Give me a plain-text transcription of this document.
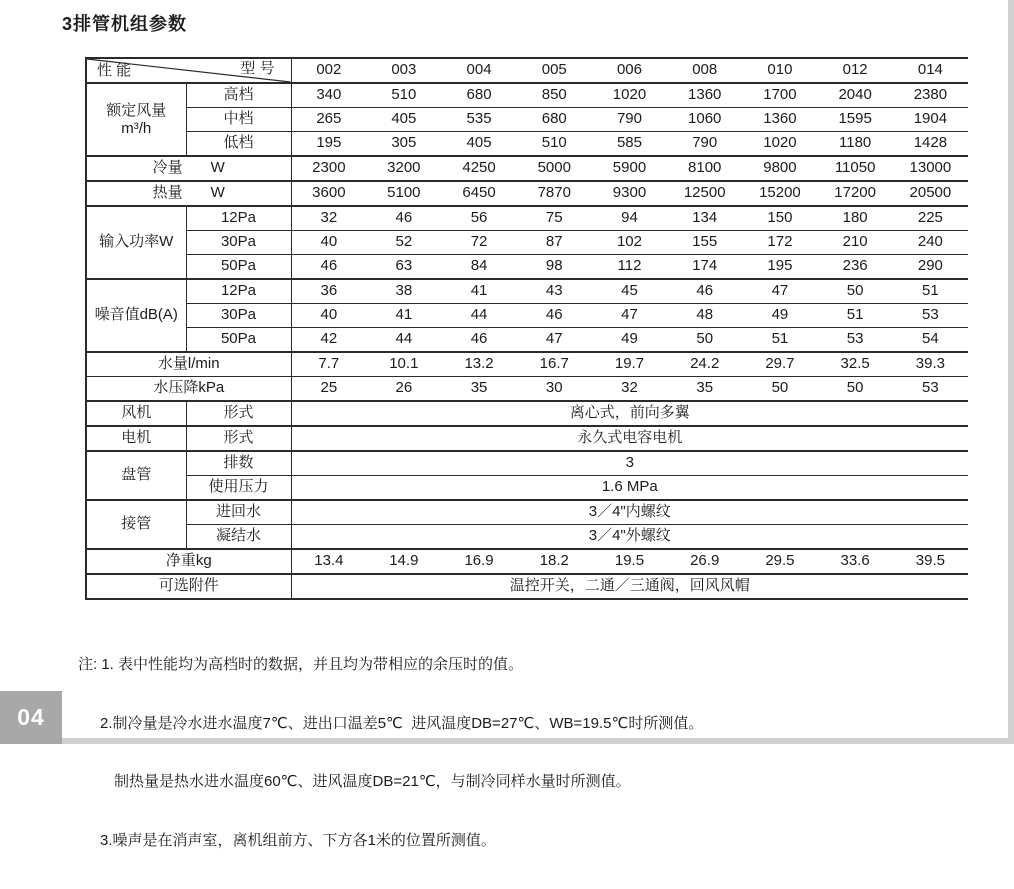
3排管机组参数
性 能 型 号		002	003	004	005	006	008	010	012	014

额定风量
m³/h	高档	340	510	680	850	1020	1360	1700	2040	2380
	中档	265	405	535	680	790	1060	1360	1595	1904
	低档	195	305	405	510	585	790	1020	1180	1428
冷量 W		2300	3200	4250	5000	5900	8100	9800	11050	13000
热量 W		3600	5100	6450	7870	9300	12500	15200	17200	20500
输入功率W	12Pa	32	46	56	75	94	134	150	180	225
	30Pa	40	52	72	87	102	155	172	210	240
	50Pa	46	63	84	98	112	174	195	236	290
噪音值dB(A)	12Pa	36	38	41	43	45	46	47	50	51
	30Pa	40	41	44	46	47	48	49	51	53
	50Pa	42	44	46	47	49	50	51	53	54
水量l/min		7.7	10.1	13.2	16.7	19.7	24.2	29.7	32.5	39.3
水压降kPa		25	26	35	30	32	35	50	50	53
风机	形式	离心式，前向多翼								
电机	形式	永久式电容电机								
盘管	排数	3								
	使用压力	1.6 MPa								
接管	进回水	3／4"内螺纹								
	凝结水	3／4"外螺纹								
净重kg		13.4	14.9	16.9	18.2	19.5	26.9	29.5	33.6	39.5
可选附件		温控开关，二通／三通阀，回风风帽								

注: 1. 表中性能均为高档时的数据，并且均为带相应的余压时的值。

2.制冷量是冷水进水温度7℃、进出口温差5℃  进风温度DB=27℃、WB=19.5℃时所测值。

制热量是热水进水温度60℃、进风温度DB=21℃，与制冷同样水量时所测值。

3.噪声是在消声室，离机组前方、下方各1米的位置所测值。

04
